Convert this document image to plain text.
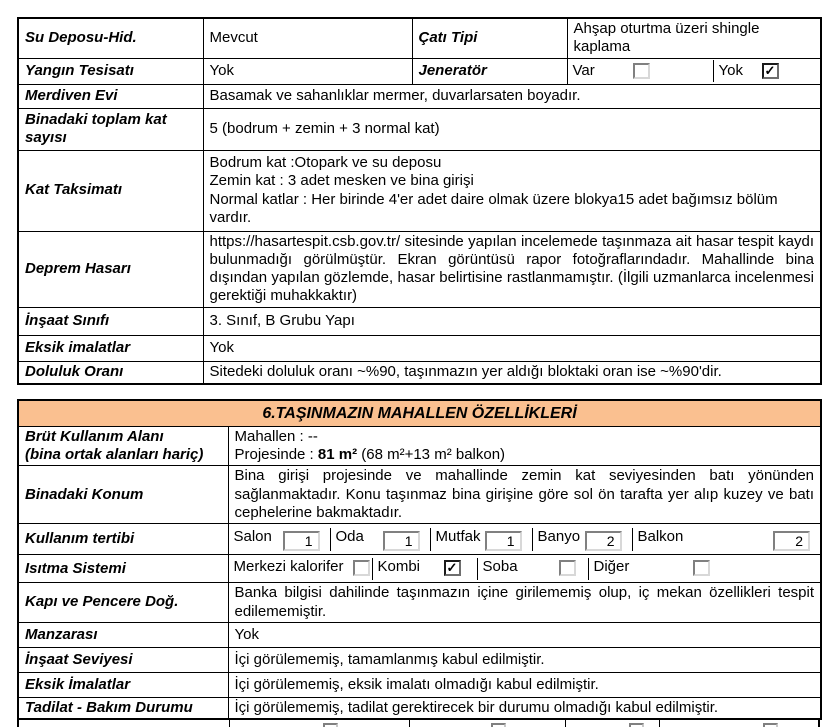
Su Deposu-Hid.	Mevcut	Çatı Tipi	Ahşap oturtma üzeri shingle kaplama
Yangın Tesisatı	Yok	Jeneratör	Var Yok ✓

Merdiven Evi	Basamak ve sahanlıklar mermer, duvarlarsaten boyadır.		
Binadaki toplam kat sayısı	5 (bodrum + zemin + 3 normal kat)		
Kat Taksimatı	Bodrum kat :Otopark ve su deposu
Zemin kat : 3 adet mesken ve bina girişi
Normal katlar : Her birinde 4'er adet daire olmak üzere blokya15 adet bağımsız bölüm vardır.		

Deprem Hasarı	https://hasartespit.csb.gov.tr/ sitesinde yapılan incelemede taşınmaza ait hasar tespit kaydı bulunmadığı görülmüştür. Ekran görüntüsü rapor fotoğraflarındadır. Mahallinde bina dışından yapılan gözlemde, hasar belirtisine rastlanmamıştır. (İlgili uzmanlarca incelenmesi gerektiği muhakkaktır)		
İnşaat Sınıfı	3. Sınıf, B Grubu Yapı		
Eksik imalatlar	Yok		
Doluluk Oranı	Sitedeki doluluk oranı ~%90, taşınmazın yer aldığı bloktaki oran ise ~%90'dir.		
6.TAŞINMAZIN MAHALLEN ÖZELLİKLERİ	

Brüt Kullanım Alanı
(bina ortak alanları hariç)

Mahallen : --
Projesinde : 81 m² (68 m²+13 m² balkon)

Binadaki Konum	Bina girişi projesinde ve mahallinde zemin kat seviyesinden batı yönünden sağlanmaktadır. Konu taşınmaz bina girişine göre sol ön tarafta yer alıp kuzey ve batı cephelerine bakmaktadır.
Kullanım tertibi	Salon	1	Oda	1	Mutfak	1	Banyo	2	Balkon	2

Isıtma Sistemi	Merkezi kalorifer Kombi ✓ Soba Diğer

Kapı ve Pencere Doğ.	Banka bilgisi dahilinde taşınmazın içine girilememiş olup, iç mekan özellikleri tespit edilememiştir.
Manzarası	Yok
İnşaat Seviyesi	İçi görülememiş, tamamlanmış kabul edilmiştir.
Eksik İmalatlar	İçi görülememiş, eksik imalatı olmadığı kabul edilmiştir.
Tadilat - Bakım Durumu	İçi görülememiş, tadilat gerektirecek bir durumu olmadığı kabul edilmiştir.
